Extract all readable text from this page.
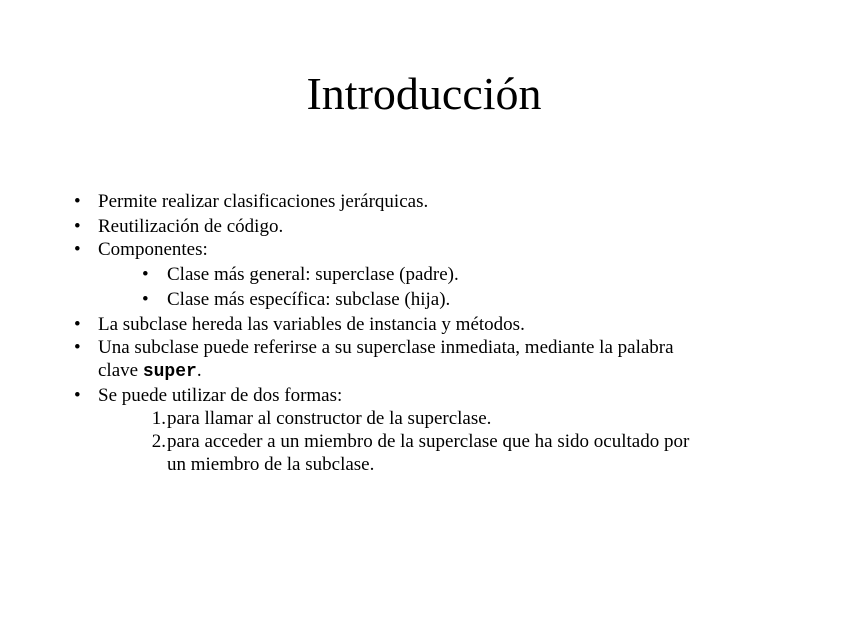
Introducción
• Permite realizar clasificaciones jerárquicas.
• Reutilización de código.
• Componentes:
• Clase más general: superclase (padre).
• Clase más específica: subclase (hija).
• La subclase hereda las variables de instancia y métodos.
• Una subclase puede referirse a su superclase inmediata, mediante la palabra
clave super.
• Se puede utilizar de dos formas:
1. para llamar al constructor de la superclase.
2. para acceder a un miembro de la superclase que ha sido ocultado por
un miembro de la subclase.
